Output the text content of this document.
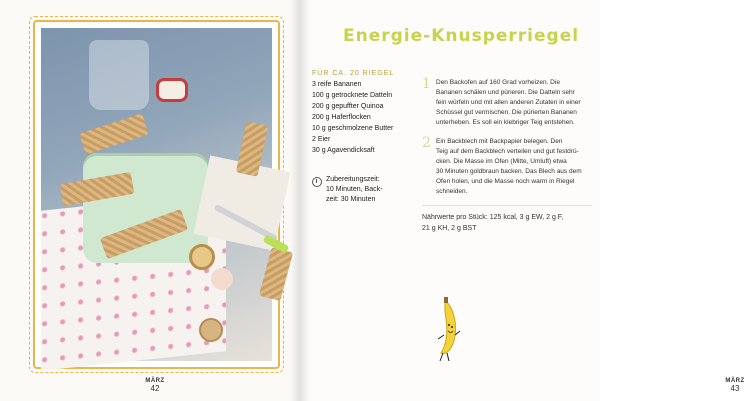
MÄRZ
42
Energie-Knusperriegel
FÜR CA. 20 RIEGEL
3 reife Bananen
100 g getrocknete Datteln
200 g gepuffter Quinoa
200 g Haferflocken
10 g geschmolzene Butter
2 Eier
30 g Agavendicksaft
Zubereitungszeit:
10 Minuten, Back-
zeit: 30 Minuten
1 Den Backofen auf 160 Grad vorheizen. Die
Bananen schälen und pürieren. Die Datteln sehr
fein würfeln und mit allen anderen Zutaten in einer
Schüssel gut vermischen. Die pürierten Bananen
unterheben. Es soll ein klebriger Teig entstehen.
2 Ein Backblech mit Backpapier belegen. Den
Teig auf dem Backblech verteilen und gut festdrü-
cken. Die Masse im Ofen (Mitte, Umluft) etwa
30 Minuten goldbraun backen. Das Blech aus dem
Ofen holen, und die Masse noch warm in Riegel
schneiden.
Nährwerte pro Stück: 125 kcal, 3 g EW, 2 g F,
21 g KH, 2 g BST
MÄRZ
43
